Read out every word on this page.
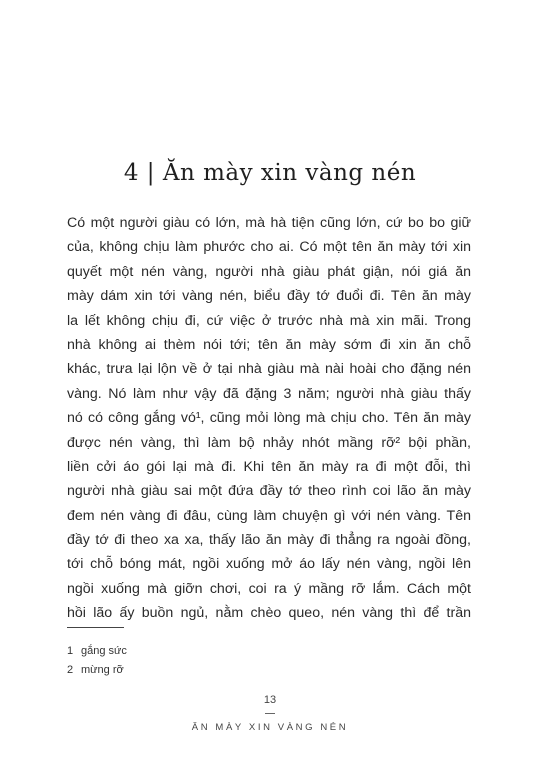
4 | Ăn mày xin vàng nén
Có một người giàu có lớn, mà hà tiện cũng lớn, cứ bo bo giữ
của, không chịu làm phước cho ai. Có một tên ăn mày tới xin
quyết một nén vàng, người nhà giàu phát giận, nói giá ăn
mày dám xin tới vàng nén, biểu đầy tớ đuổi đi. Tên ăn mày
la lết không chịu đi, cứ việc ở trước nhà mà xin mãi. Trong
nhà không ai thèm nói tới; tên ăn mày sớm đi xin ăn chỗ
khác, trưa lại lộn về ở tại nhà giàu mà nài hoài cho đặng nén
vàng. Nó làm như vậy đã đặng 3 năm; người nhà giàu thấy
nó có công gắng vó¹, cũng mỏi lòng mà chịu cho. Tên ăn mày
được nén vàng, thì làm bộ nhảy nhót mầng rỡ² bội phần,
liền cởi áo gói lại mà đi. Khi tên ăn mày ra đi một đỗi, thì
người nhà giàu sai một đứa đầy tớ theo rình coi lão ăn mày
đem nén vàng đi đâu, cùng làm chuyện gì với nén vàng. Tên
đầy tớ đi theo xa xa, thấy lão ăn mày đi thẳng ra ngoài đồng,
tới chỗ bóng mát, ngồi xuống mở áo lấy nén vàng, ngồi lên
ngồi xuống mà giỡn chơi, coi ra ý mầng rỡ lắm. Cách một
hồi lão ấy buồn ngủ, nằm chèo queo, nén vàng thì để trần
1 gắng sức
2 mừng rỡ
13
ĂN MÀY XIN VÀNG NÉN
